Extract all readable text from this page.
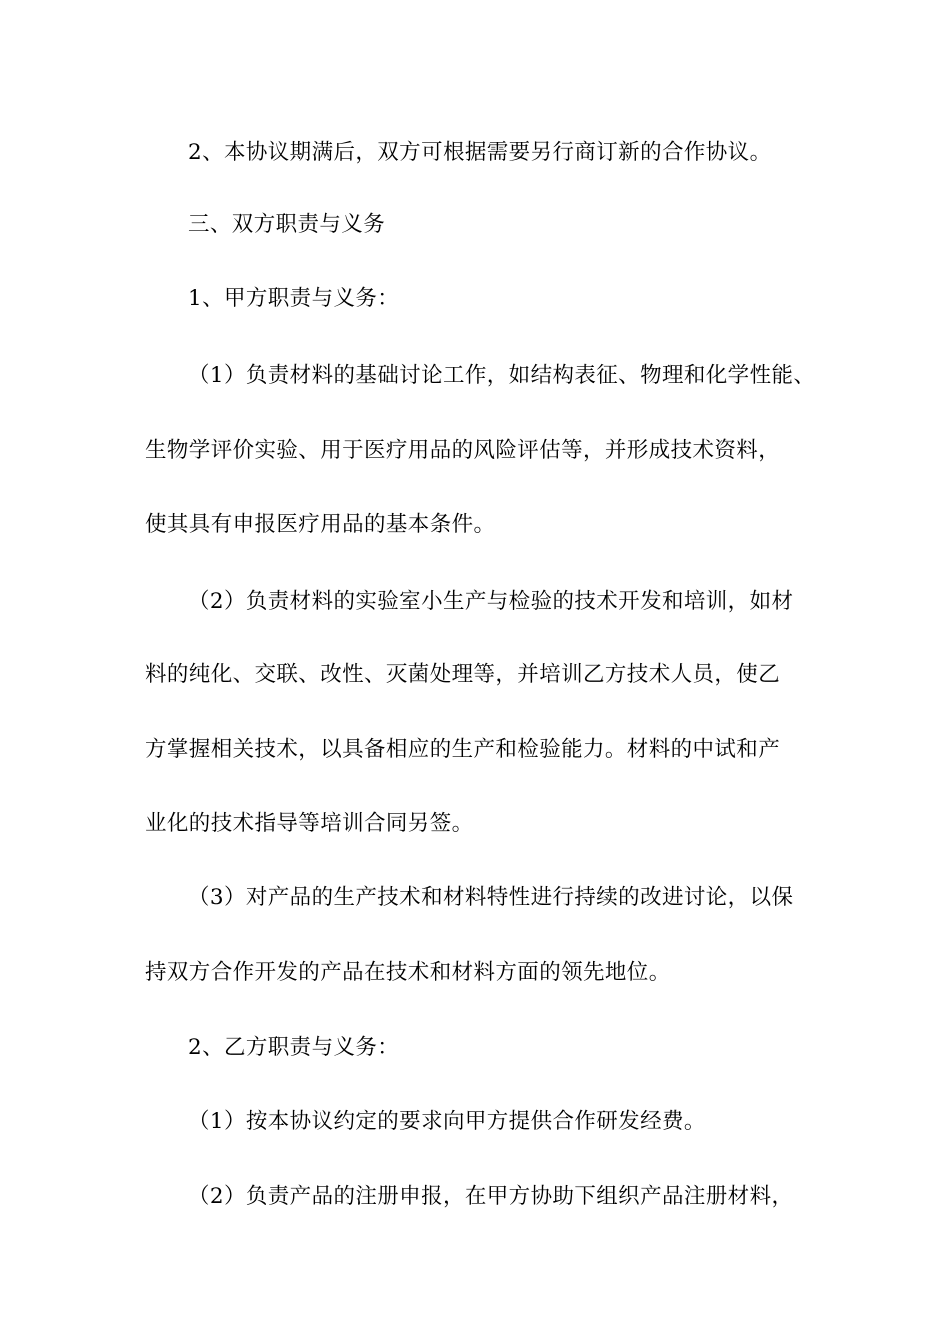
2、本协议期满后，双方可根据需要另行商订新的合作协议。
三、双方职责与义务
1、甲方职责与义务：
（1）负责材料的基础讨论工作，如结构表征、物理和化学性能、
生物学评价实验、用于医疗用品的风险评估等，并形成技术资料，
使其具有申报医疗用品的基本条件。
（2）负责材料的实验室小生产与检验的技术开发和培训，如材
料的纯化、交联、改性、灭菌处理等，并培训乙方技术人员，使乙
方掌握相关技术，以具备相应的生产和检验能力。材料的中试和产
业化的技术指导等培训合同另签。
（3）对产品的生产技术和材料特性进行持续的改进讨论，以保
持双方合作开发的产品在技术和材料方面的领先地位。
2、乙方职责与义务：
（1）按本协议约定的要求向甲方提供合作研发经费。
（2）负责产品的注册申报，在甲方协助下组织产品注册材料，
